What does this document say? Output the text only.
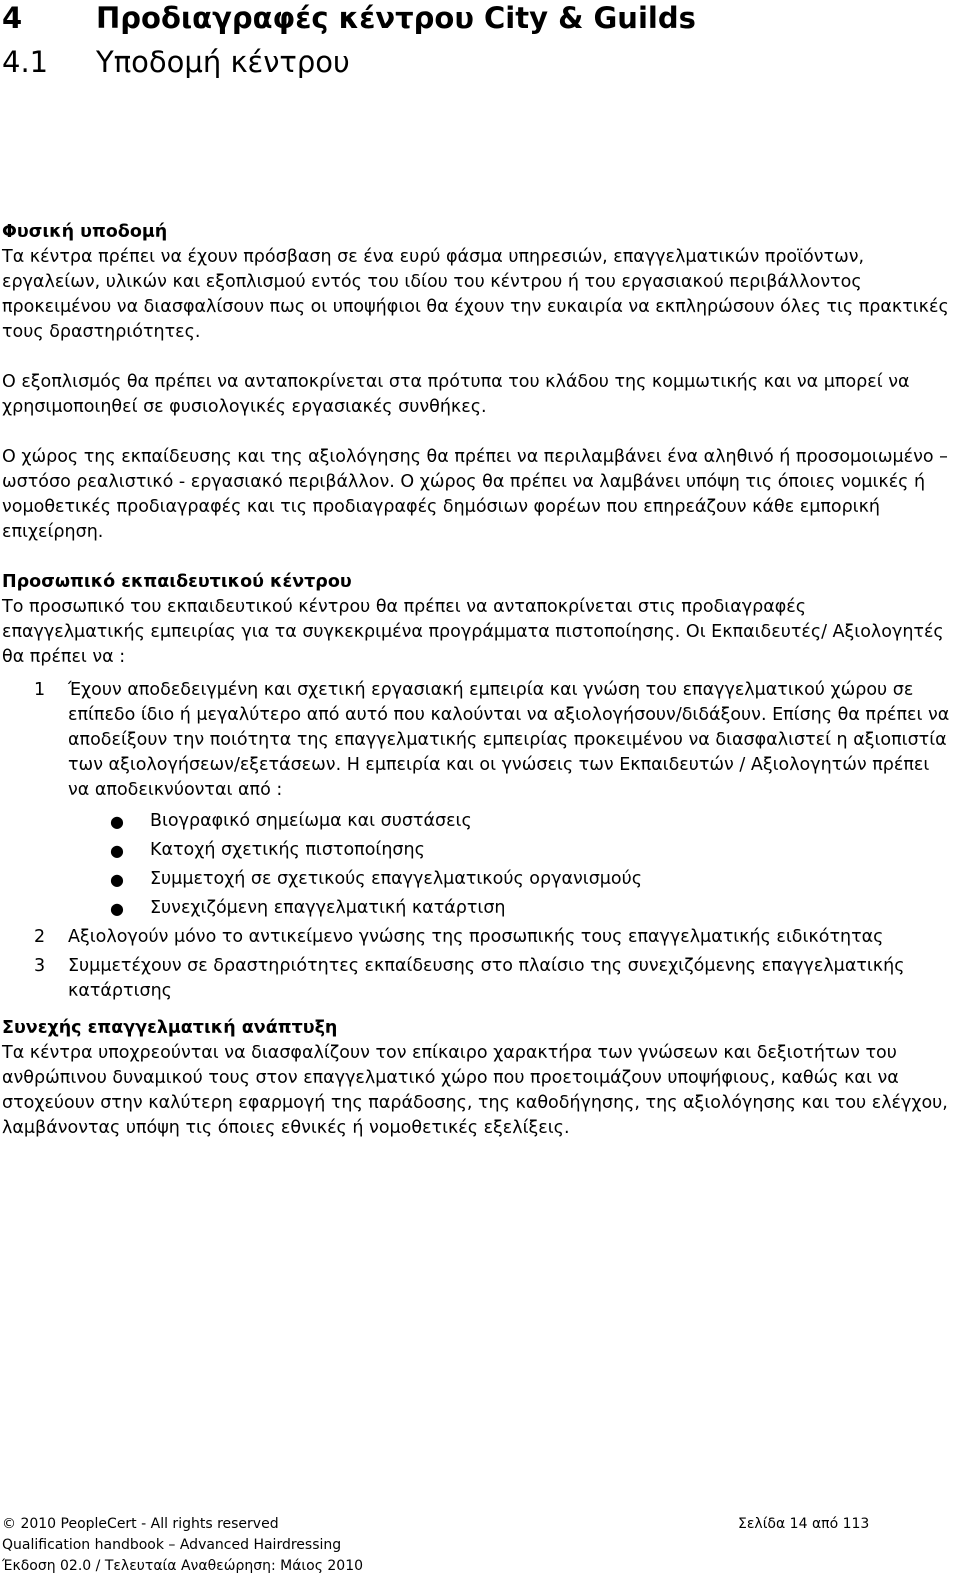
4	Προδιαγραφές κέντρου City & Guilds
4.1 Υποδομή κέντρου

Φυσική υποδομή

Τα κέντρα πρέπει να έχουν πρόσβαση σε ένα ευρύ φάσμα υπηρεσιών, επαγγελματικών προϊόντων, εργαλείων, υλικών και εξοπλισμού εντός του ιδίου του κέντρου ή του εργασιακού περιβάλλοντος προκειμένου να διασφαλίσουν πως οι υποψήφιοι θα έχουν την ευκαιρία να εκπληρώσουν όλες τις πρακτικές τους δραστηριότητες.

Ο εξοπλισμός θα πρέπει να ανταποκρίνεται στα πρότυπα του κλάδου της κομμωτικής και να μπορεί να χρησιμοποιηθεί σε φυσιολογικές εργασιακές συνθήκες.

Ο χώρος της εκπαίδευσης και της αξιολόγησης θα πρέπει να περιλαμβάνει ένα αληθινό ή προσομοιωμένο – ωστόσο ρεαλιστικό - εργασιακό περιβάλλον. Ο χώρος θα πρέπει να λαμβάνει υπόψη τις όποιες νομικές ή νομοθετικές προδιαγραφές και τις προδιαγραφές δημόσιων φορέων που επηρεάζουν κάθε εμπορική επιχείρηση.

Προσωπικό εκπαιδευτικού κέντρου

Το προσωπικό του εκπαιδευτικού κέντρου θα πρέπει να ανταποκρίνεται στις προδιαγραφές επαγγελματικής εμπειρίας για τα συγκεκριμένα προγράμματα πιστοποίησης. Οι Εκπαιδευτές/ Αξιολογητές θα πρέπει να :

1 Έχουν αποδεδειγμένη και σχετική εργασιακή εμπειρία και γνώση του επαγγελματικού χώρου σε επίπεδο ίδιο ή μεγαλύτερο από αυτό που καλούνται να αξιολογήσουν/διδάξουν. Επίσης θα πρέπει να αποδείξουν την ποιότητα της επαγγελματικής εμπειρίας προκειμένου να διασφαλιστεί η αξιοπιστία των αξιολογήσεων/εξετάσεων. Η εμπειρία και οι γνώσεις των Εκπαιδευτών / Αξιολογητών πρέπει να αποδεικνύονται από :
● Βιογραφικό σημείωμα και συστάσεις
● Κατοχή σχετικής πιστοποίησης
● Συμμετοχή σε σχετικούς επαγγελματικούς οργανισμούς
● Συνεχιζόμενη επαγγελματική κατάρτιση
2 Αξιολογούν μόνο το αντικείμενο γνώσης της προσωπικής τους επαγγελματικής ειδικότητας
3 Συμμετέχουν σε δραστηριότητες εκπαίδευσης στο πλαίσιο της συνεχιζόμενης επαγγελματικής κατάρτισης

Συνεχής επαγγελματική ανάπτυξη

Τα κέντρα υποχρεούνται να διασφαλίζουν τον επίκαιρο χαρακτήρα των γνώσεων και δεξιοτήτων του ανθρώπινου δυναμικού τους στον επαγγελματικό χώρο που προετοιμάζουν υποψήφιους, καθώς και να στοχεύουν στην καλύτερη εφαρμογή της παράδοσης, της καθοδήγησης, της αξιολόγησης και του ελέγχου, λαμβάνοντας υπόψη τις όποιες εθνικές ή νομοθετικές εξελίξεις.

© 2010 PeopleCert - All rights reserved	Σελίδα 14 από 113
Qualification handbook – Advanced Hairdressing
Έκδοση 02.0 / Τελευταία Αναθεώρηση: Μάιος 2010
